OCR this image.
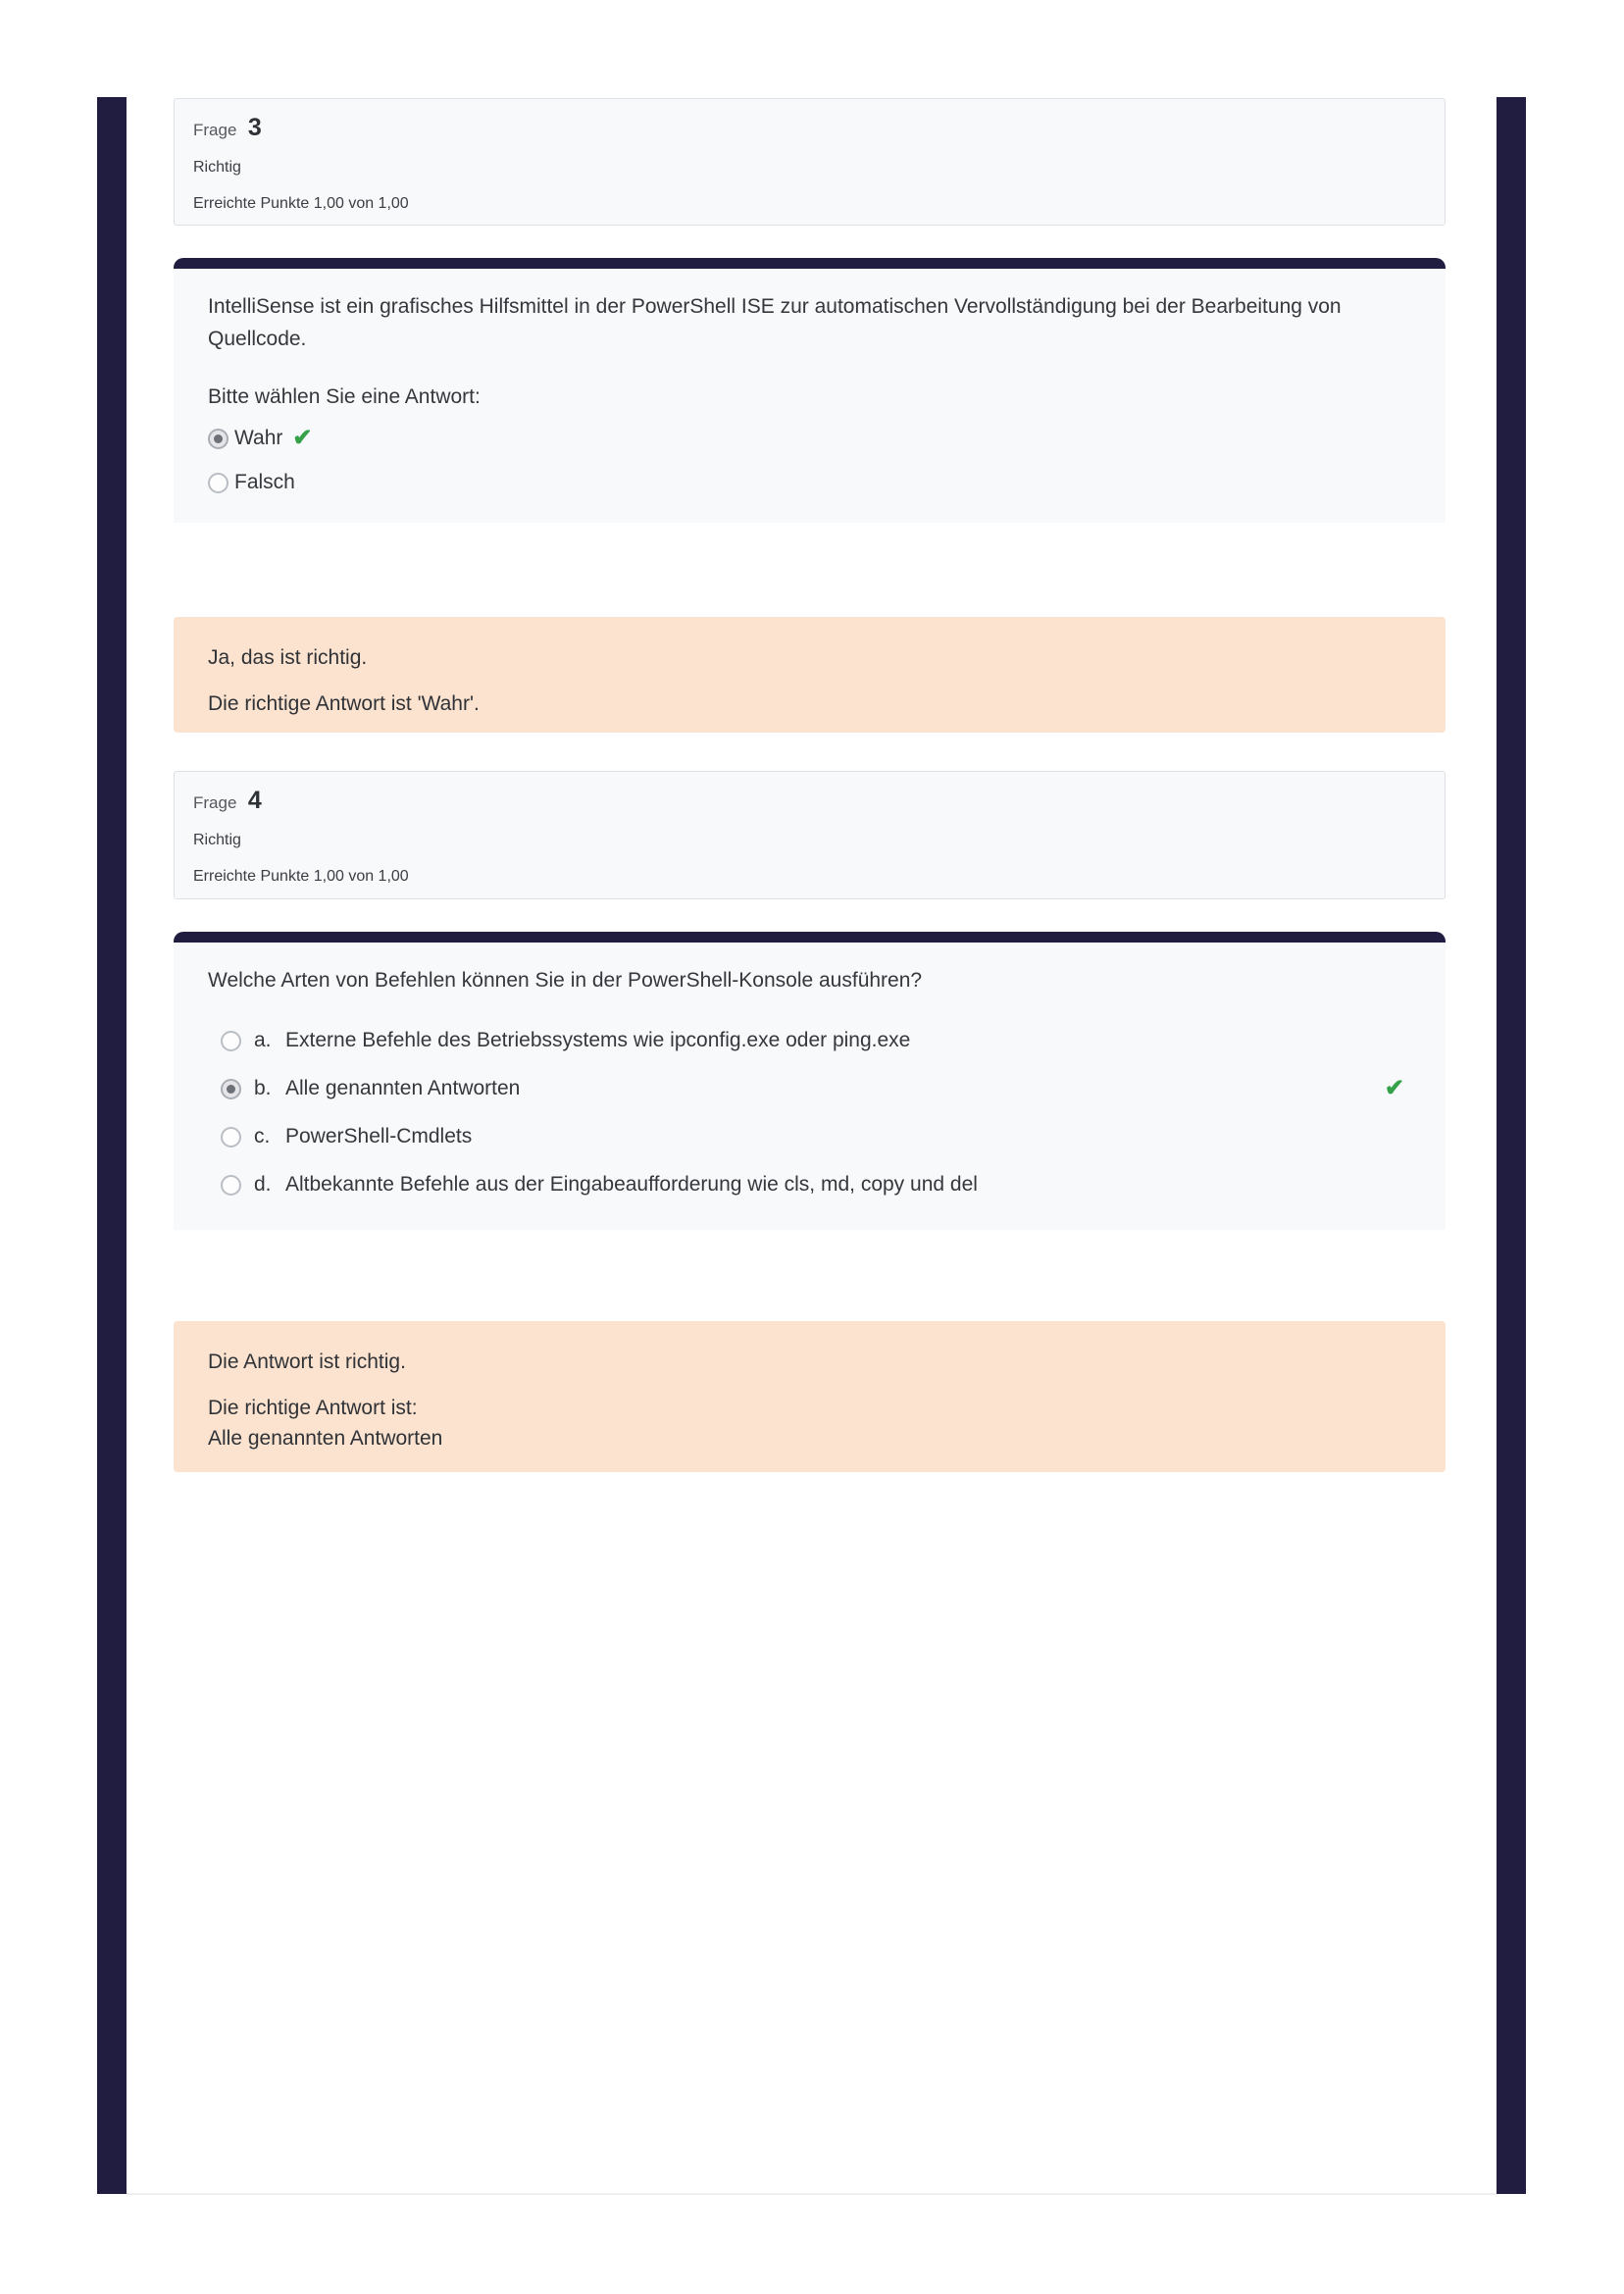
Frage 3
Richtig
Erreichte Punkte 1,00 von 1,00
IntelliSense ist ein grafisches Hilfsmittel in der PowerShell ISE zur automatischen Vervollständigung bei der Bearbeitung von Quellcode.
Bitte wählen Sie eine Antwort:
Wahr ✔
Falsch

Ja, das ist richtig.

Die richtige Antwort ist 'Wahr'.

Frage 4
Richtig
Erreichte Punkte 1,00 von 1,00
Welche Arten von Befehlen können Sie in der PowerShell-Konsole ausführen?
a. Externe Befehle des Betriebssystems wie ipconfig.exe oder ping.exe
b. Alle genannten Antworten	✔
c. PowerShell-Cmdlets
d. Altbekannte Befehle aus der Eingabeaufforderung wie cls, md, copy und del

Die Antwort ist richtig.

Die richtige Antwort ist:

Alle genannten Antworten
